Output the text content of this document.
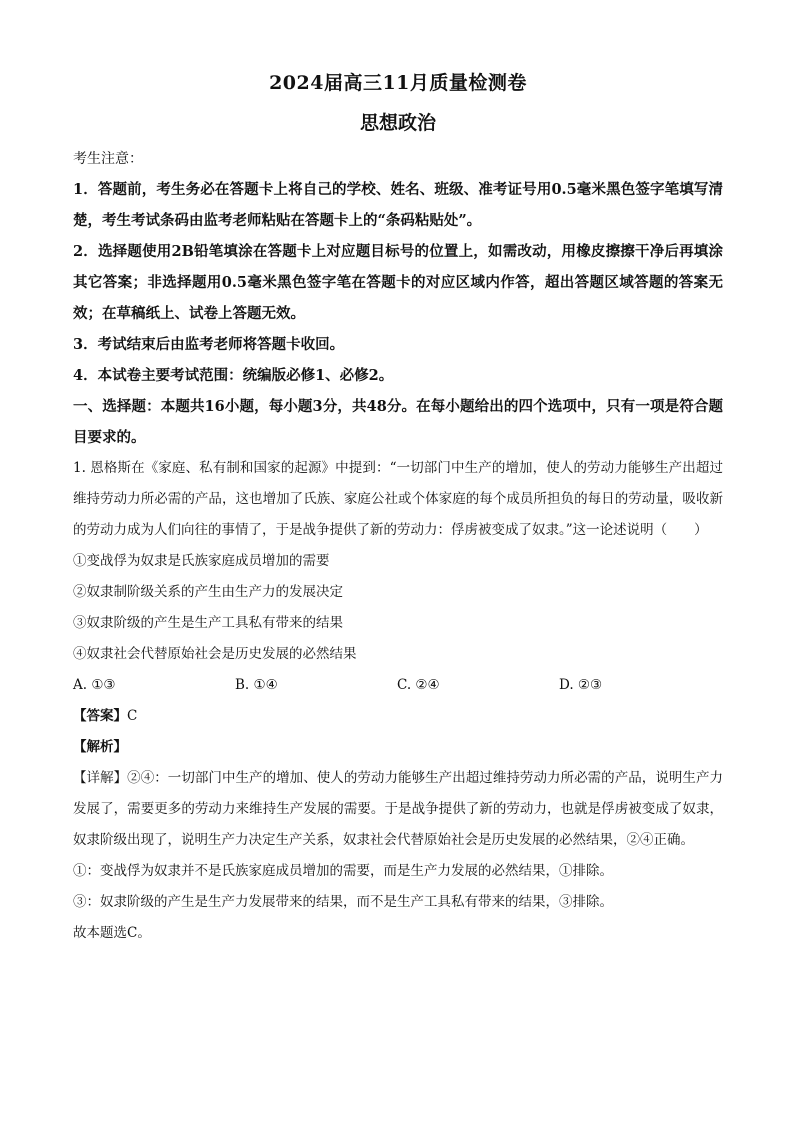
2024届高三11月质量检测卷
思想政治
考生注意：
1．答题前，考生务必在答题卡上将自己的学校、姓名、班级、准考证号用0.5毫米黑色签字笔填写清楚，考生考试条码由监考老师粘贴在答题卡上的“条码粘贴处”。
2．选择题使用2B铅笔填涂在答题卡上对应题目标号的位置上，如需改动，用橡皮擦擦干净后再填涂其它答案；非选择题用0.5毫米黑色签字笔在答题卡的对应区域内作答，超出答题区域答题的答案无效；在草稿纸上、试卷上答题无效。
3．考试结束后由监考老师将答题卡收回。
4．本试卷主要考试范围：统编版必修1、必修2。
一、选择题：本题共16小题，每小题3分，共48分。在每小题给出的四个选项中，只有一项是符合题目要求的。
1. 恩格斯在《家庭、私有制和国家的起源》中提到：“一切部门中生产的增加，使人的劳动力能够生产出超过维持劳动力所必需的产品，这也增加了氏族、家庭公社或个体家庭的每个成员所担负的每日的劳动量，吸收新的劳动力成为人们向往的事情了，于是战争提供了新的劳动力：俘虏被变成了奴隶。”这一论述说明（　　）
①变战俘为奴隶是氏族家庭成员增加的需要
②奴隶制阶级关系的产生由生产力的发展决定
③奴隶阶级的产生是生产工具私有带来的结果
④奴隶社会代替原始社会是历史发展的必然结果
A. ①③	B. ①④	C. ②④	D. ②③
【答案】C
【解析】
【详解】②④：一切部门中生产的增加、使人的劳动力能够生产出超过维持劳动力所必需的产品，说明生产力发展了，需要更多的劳动力来维持生产发展的需要。于是战争提供了新的劳动力，也就是俘虏被变成了奴隶，奴隶阶级出现了，说明生产力决定生产关系，奴隶社会代替原始社会是历史发展的必然结果，②④正确。
①：变战俘为奴隶并不是氏族家庭成员增加的需要，而是生产力发展的必然结果，①排除。
③：奴隶阶级的产生是生产力发展带来的结果，而不是生产工具私有带来的结果，③排除。
故本题选C。
